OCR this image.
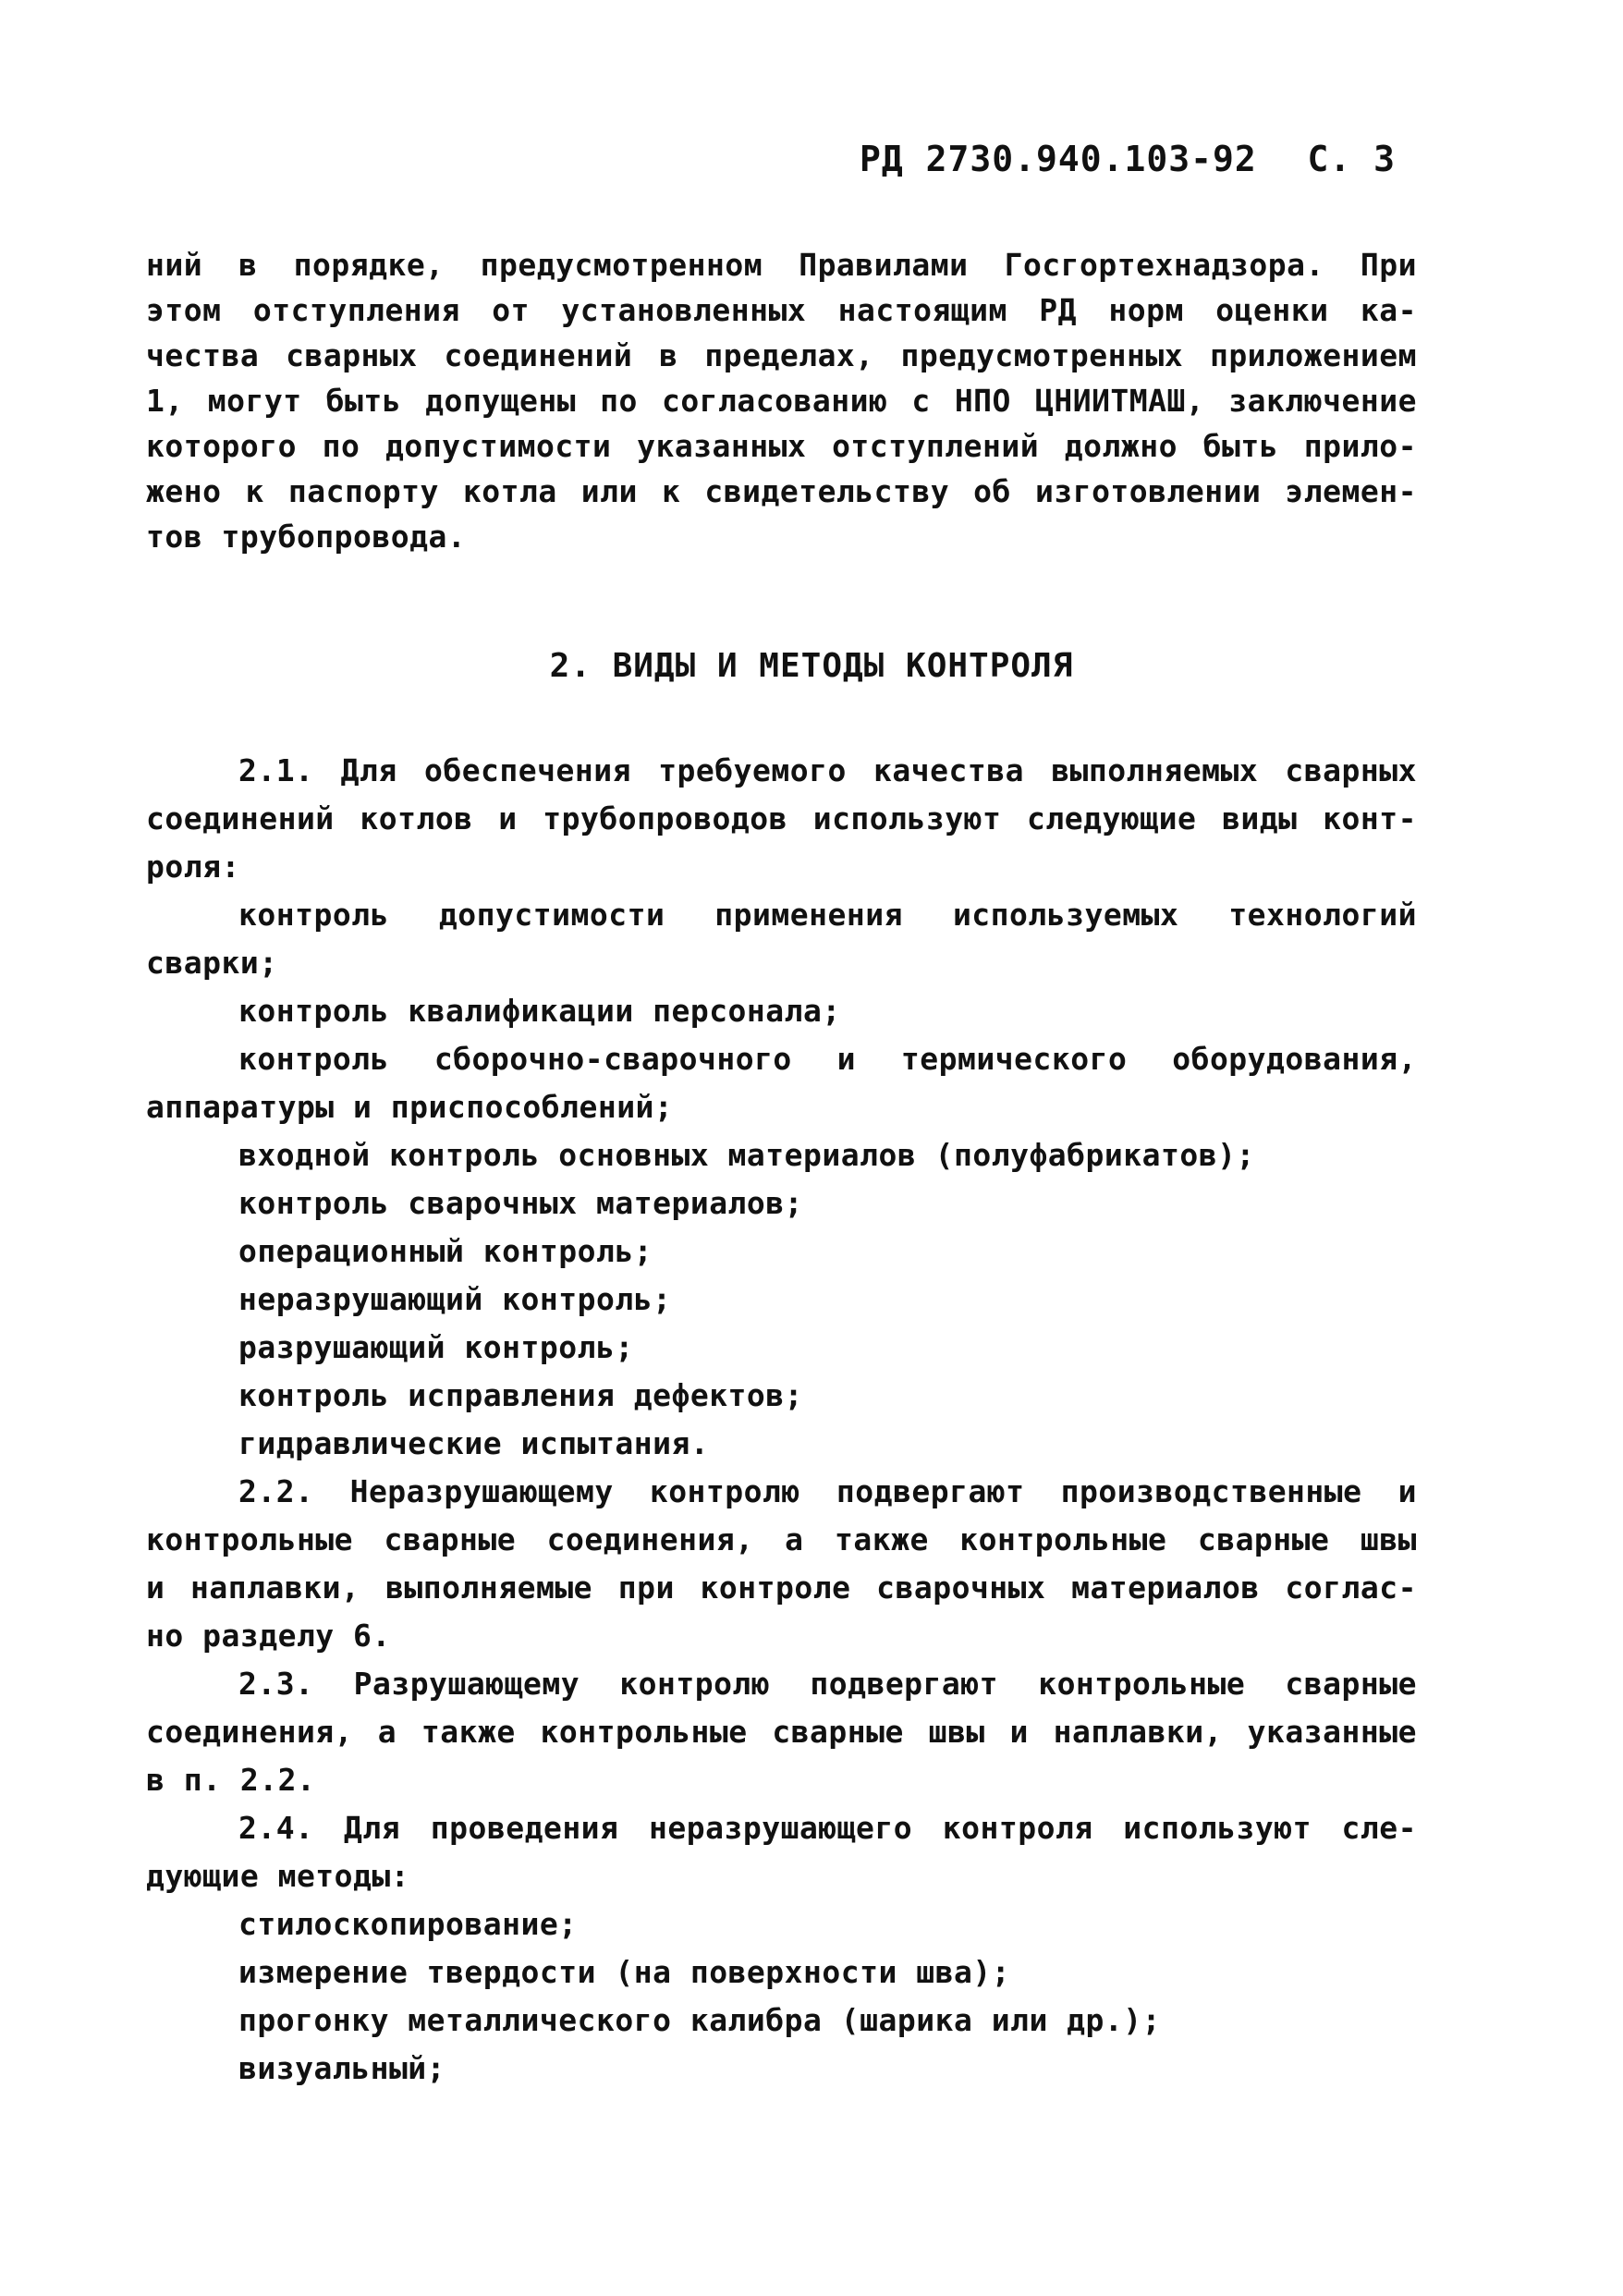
РД 2730.940.103-92 С. 3
ний в порядке, предусмотренном Правилами Госгортехнадзора. При
этом отступления от установленных настоящим РД норм оценки ка-
чества сварных соединений в пределах, предусмотренных приложением
1, могут быть допущены по согласованию с НПО ЦНИИТМАШ, заключение
которого по допустимости указанных отступлений должно быть прило-
жено к паспорту котла или к свидетельству об изготовлении элемен-
тов трубопровода.
2. ВИДЫ И МЕТОДЫ КОНТРОЛЯ
2.1. Для обеспечения требуемого качества выполняемых сварных
соединений котлов и трубопроводов используют следующие виды конт-
роля:
контроль допустимости применения используемых технологий
сварки;
контроль квалификации персонала;
контроль сборочно-сварочного и термического оборудования,
аппаратуры и приспособлений;
входной контроль основных материалов (полуфабрикатов);
контроль сварочных материалов;
операционный контроль;
неразрушающий контроль;
разрушающий контроль;
контроль исправления дефектов;
гидравлические испытания.
2.2. Неразрушающему контролю подвергают производственные и
контрольные сварные соединения, а также контрольные сварные швы
и наплавки, выполняемые при контроле сварочных материалов соглас-
но разделу 6.
2.3. Разрушающему контролю подвергают контрольные сварные
соединения, а также контрольные сварные швы и наплавки, указанные
в п. 2.2.
2.4. Для проведения неразрушающего контроля используют сле-
дующие методы:
стилоскопирование;
измерение твердости (на поверхности шва);
прогонку металлического калибра (шарика или др.);
визуальный;
